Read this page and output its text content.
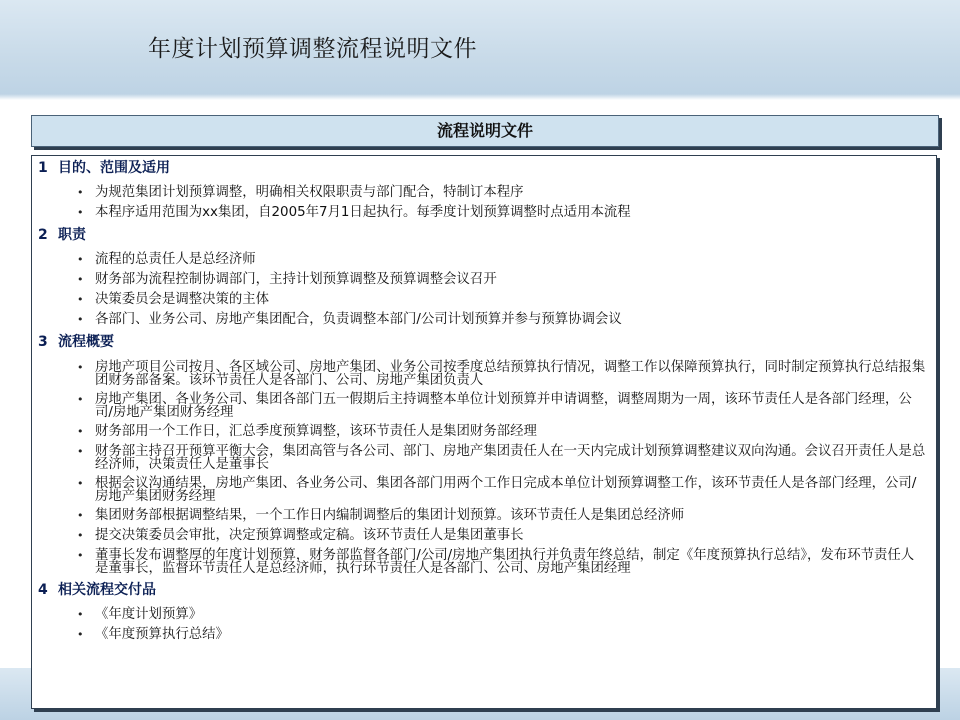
年度计划预算调整流程说明文件
流程说明文件
1 目的、范围及适用
• 为规范集团计划预算调整，明确相关权限职责与部门配合，特制订本程序
• 本程序适用范围为xx集团，自2005年7月1日起执行。每季度计划预算调整时点适用本流程
2 职责
• 流程的总责任人是总经济师
• 财务部为流程控制协调部门，主持计划预算调整及预算调整会议召开
• 决策委员会是调整决策的主体
• 各部门、业务公司、房地产集团配合，负责调整本部门/公司计划预算并参与预算协调会议
3 流程概要
• 房地产项目公司按月、各区域公司、房地产集团、业务公司按季度总结预算执行情况，调整工作以保障预算执行，同时制定预算执行总结报集团财务部备案。该环节责任人是各部门、公司、房地产集团负责人
• 房地产集团、各业务公司、集团各部门五一假期后主持调整本单位计划预算并申请调整，调整周期为一周，该环节责任人是各部门经理，公司/房地产集团财务经理
• 财务部用一个工作日，汇总季度预算调整，该环节责任人是集团财务部经理
• 财务部主持召开预算平衡大会，集团高管与各公司、部门、房地产集团责任人在一天内完成计划预算调整建议双向沟通。会议召开责任人是总经济师，决策责任人是董事长
• 根据会议沟通结果，房地产集团、各业务公司、集团各部门用两个工作日完成本单位计划预算调整工作，该环节责任人是各部门经理，公司/房地产集团财务经理
• 集团财务部根据调整结果，一个工作日内编制调整后的集团计划预算。该环节责任人是集团总经济师
• 提交决策委员会审批，决定预算调整或定稿。该环节责任人是集团董事长
• 董事长发布调整厚的年度计划预算，财务部监督各部门/公司/房地产集团执行并负责年终总结，制定《年度预算执行总结》，发布环节责任人是董事长，监督环节责任人是总经济师，执行环节责任人是各部门、公司、房地产集团经理
4 相关流程交付品
• 《年度计划预算》
• 《年度预算执行总结》
